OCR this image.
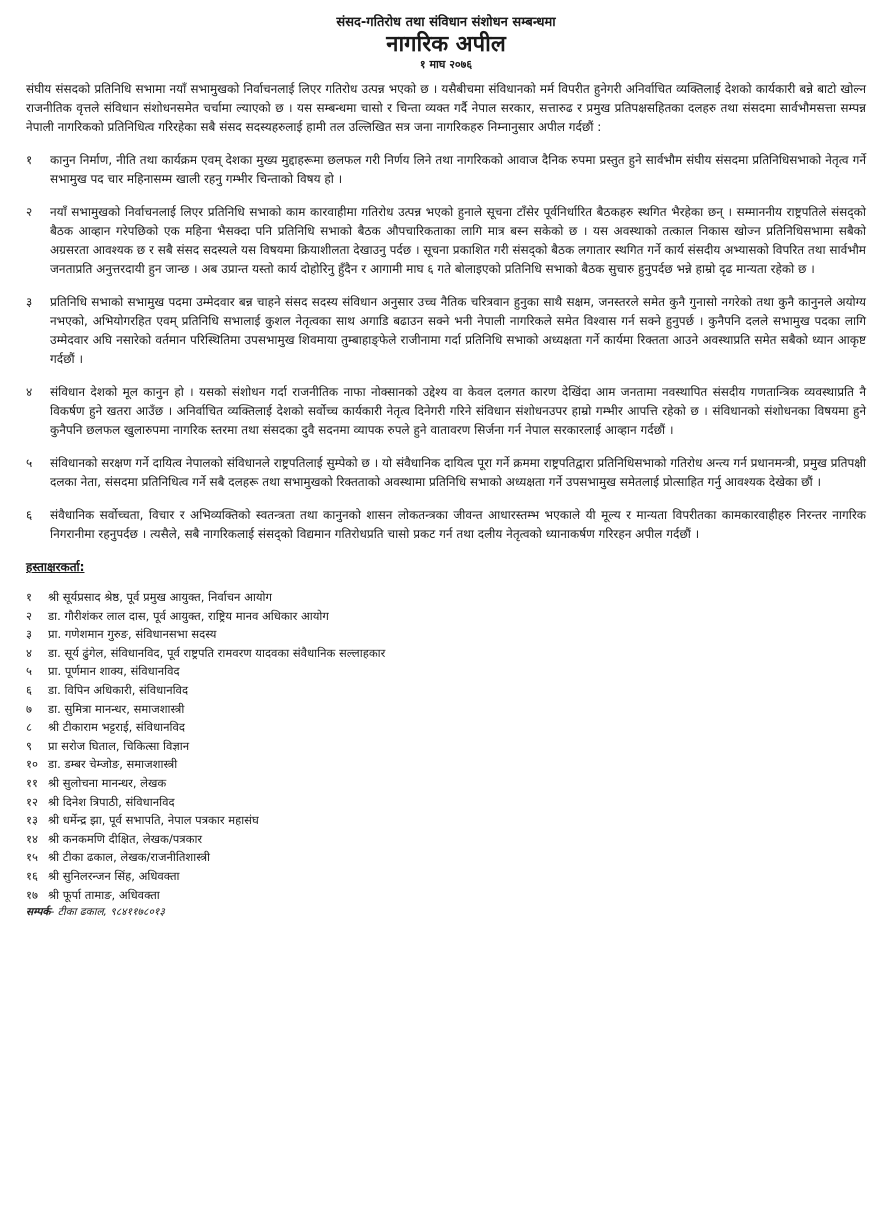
संसद-गतिरोध तथा संविधान संशोधन सम्बन्धमा
नागरिक अपील
१ माघ २०७६

संघीय संसदको प्रतिनिधि सभामा नयाँ सभामुखको निर्वाचनलाई लिएर गतिरोध उत्पन्न भएको छ । यसैबीचमा संविधानको मर्म विपरीत हुनेगरी अनिर्वाचित व्यक्तिलाई देशको कार्यकारी बन्ने बाटो खोल्न राजनीतिक वृत्तले संविधान संशोधनसमेत चर्चामा ल्याएको छ । यस सम्बन्धमा चासो र चिन्ता व्यक्त गर्दै नेपाल सरकार, सत्तारुढ र प्रमुख प्रतिपक्षसहितका दलहरु तथा संसदमा सार्वभौमसत्ता सम्पन्न नेपाली नागरिकको प्रतिनिधित्व गरिरहेका सबै संसद सदस्यहरुलाई हामी तल उल्लिखित सत्र जना नागरिकहरु निम्नानुसार अपील गर्दछौं :

१	कानुन निर्माण, नीति तथा कार्यक्रम एवम् देशका मुख्य मुद्दाहरूमा छलफल गरी निर्णय लिने तथा नागरिकको आवाज दैनिक रुपमा प्रस्तुत हुने सार्वभौम संघीय संसदमा प्रतिनिधिसभाको नेतृत्व गर्ने सभामुख पद चार महिनासम्म खाली रहनु गम्भीर चिन्ताको विषय हो ।

२	नयाँ सभामुखको निर्वाचनलाई लिएर प्रतिनिधि सभाको काम कारवाहीमा गतिरोध उत्पन्न भएको हुनाले सूचना टाँसेर पूर्वनिर्धारित बैठकहरु स्थगित भैरहेका छन् । सम्माननीय राष्ट्रपतिले संसद्को बैठक आव्हान गरेपछिको एक महिना भैसक्दा पनि प्रतिनिधि सभाको बैठक औपचारिकताका लागि मात्र बस्न सकेको छ । यस अवस्थाको तत्काल निकास खोज्न प्रतिनिधिसभामा सबैको अग्रसरता आवश्यक छ र सबै संसद सदस्यले यस विषयमा क्रियाशीलता देखाउनु पर्दछ । सूचना प्रकाशित गरी संसद्को बैठक लगातार स्थगित गर्ने कार्य संसदीय अभ्यासको विपरित तथा सार्वभौम जनताप्रति अनुत्तरदायी हुन जान्छ । अब उप्रान्त यस्तो कार्य दोहोरिनु हुँदैन र आगामी माघ ६ गते बोलाइएको प्रतिनिधि सभाको बैठक सुचारु हुनुपर्दछ भन्ने हाम्रो दृढ मान्यता रहेको छ ।

३	प्रतिनिधि सभाको सभामुख पदमा उम्मेदवार बन्न चाहने संसद सदस्य संविधान अनुसार उच्च नैतिक चरित्रवान हुनुका साथै सक्षम, जनस्तरले समेत कुनै गुनासो नगरेको तथा कुनै कानुनले अयोग्य नभएको, अभियोगरहित एवम् प्रतिनिधि सभालाई कुशल नेतृत्वका साथ अगाडि बढाउन सक्ने भनी नेपाली नागरिकले समेत विश्वास गर्न सक्ने हुनुपर्छ । कुनैपनि दलले सभामुख पदका लागि उम्मेदवार अघि नसारेको वर्तमान परिस्थितिमा उपसभामुख शिवमाया तुम्बाहाङ्फेले राजीनामा गर्दा प्रतिनिधि सभाको अध्यक्षता गर्ने कार्यमा रिक्तता आउने अवस्थाप्रति समेत सबैको ध्यान आकृष्ट गर्दछौं ।

४	संविधान देशको मूल कानुन हो । यसको संशोधन गर्दा राजनीतिक नाफा नोक्सानको उद्देश्य वा केवल दलगत कारण देखिंदा आम जनतामा नवस्थापित संसदीय गणतान्त्रिक व्यवस्थाप्रति नै विकर्षण हुने खतरा आउँछ । अनिर्वाचित व्यक्तिलाई देशको सर्वोच्च कार्यकारी नेतृत्व दिनेगरी गरिने संविधान संशोधनउपर हाम्रो गम्भीर आपत्ति रहेको छ । संविधानको संशोधनका विषयमा हुने कुनैपनि छलफल खुलारुपमा नागरिक स्तरमा तथा संसदका दुवै सदनमा व्यापक रुपले हुने वातावरण सिर्जना गर्न नेपाल सरकारलाई आव्हान गर्दछौं ।

५	संविधानको सरक्षण गर्ने दायित्व नेपालको संविधानले राष्ट्रपतिलाई सुम्पेको छ । यो संवैधानिक दायित्व पूरा गर्ने क्रममा राष्ट्रपतिद्वारा प्रतिनिधिसभाको गतिरोध अन्त्य गर्न प्रधानमन्त्री, प्रमुख प्रतिपक्षी दलका नेता, संसदमा प्रतिनिधित्व गर्ने सबै दलहरू तथा सभामुखको रिक्तताको अवस्थामा प्रतिनिधि सभाको अध्यक्षता गर्ने उपसभामुख समेतलाई प्रोत्साहित गर्नु आवश्यक देखेका छौं ।

६	संवैधानिक सर्वोच्चता, विचार र अभिव्यक्तिको स्वतन्त्रता तथा कानुनको शासन लोकतन्त्रका जीवन्त आधारस्तम्भ भएकाले यी मूल्य र मान्यता विपरीतका कामकारवाहीहरु निरन्तर नागरिक निगरानीमा रहनुपर्दछ । त्यसैले, सबै नागरिकलाई संसद्को विद्यमान गतिरोधप्रति चासो प्रकट गर्न तथा दलीय नेतृत्वको ध्यानाकर्षण गरिरहन अपील गर्दछौं ।

हस्ताक्षरकर्ता:
१	श्री सूर्यप्रसाद श्रेष्ठ, पूर्व प्रमुख आयुक्त, निर्वाचन आयोग
२	डा. गौरीशंकर लाल दास, पूर्व आयुक्त, राष्ट्रिय मानव अधिकार आयोग
३	प्रा. गणेशमान गुरुङ, संविधानसभा सदस्य
४	डा. सूर्य ढुंगेल, संविधानविद, पूर्व राष्ट्रपति रामवरण यादवका संवैधानिक सल्लाहकार
५	प्रा. पूर्णमान शाक्य, संविधानविद
६	डा. विपिन अधिकारी, संविधानविद
७	डा. सुमित्रा मानन्धर, समाजशास्त्री
८	श्री टीकाराम भट्टराई, संविधानविद
९	प्रा सरोज घिताल, चिकित्सा विज्ञान
१० डा. डम्बर चेम्जोङ, समाजशास्त्री
११ श्री सुलोचना मानन्धर, लेखक
१२ श्री दिनेश त्रिपाठी, संविधानविद
१३ श्री धर्मेन्द्र झा, पूर्व सभापति, नेपाल पत्रकार महासंघ
१४ श्री कनकमणि दीक्षित, लेखक/पत्रकार
१५ श्री टीका ढकाल, लेखक/राजनीतिशास्त्री
१६ श्री सुनिलरन्जन सिंह, अधिवक्ता
१७ श्री फूर्पा तामाङ, अधिवक्ता
सम्पर्क- टीका ढकाल, ९८४११७८०१३
